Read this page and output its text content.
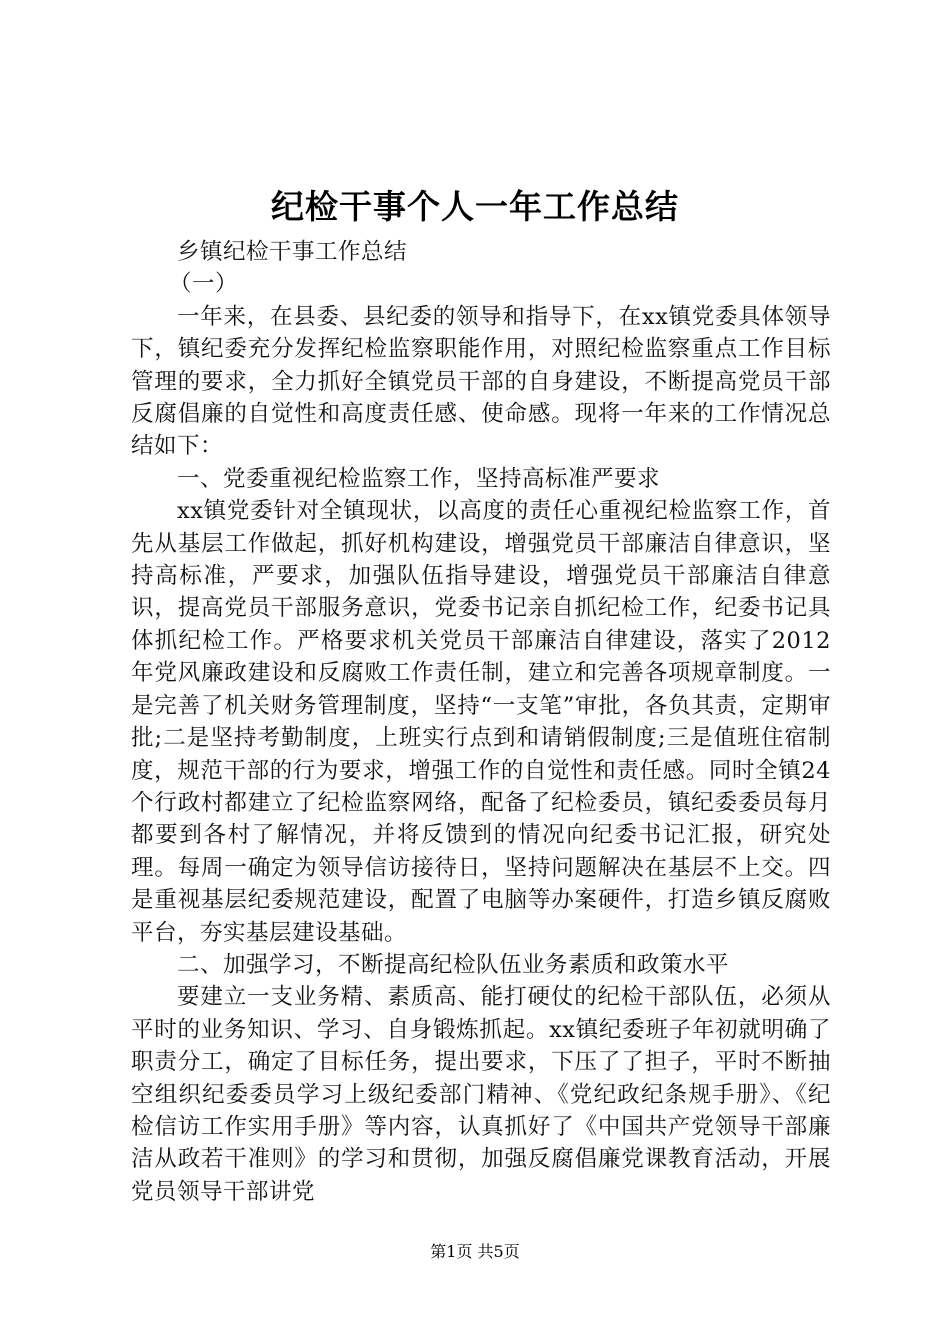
纪检干事个人一年工作总结

乡镇纪检干事工作总结

（一）

一年来，在县委、县纪委的领导和指导下，在xx镇党委具体领导下，镇纪委充分发挥纪检监察职能作用，对照纪检监察重点工作目标管理的要求，全力抓好全镇党员干部的自身建设，不断提高党员干部反腐倡廉的自觉性和高度责任感、使命感。现将一年来的工作情况总结如下：

一、党委重视纪检监察工作，坚持高标准严要求

xx镇党委针对全镇现状，以高度的责任心重视纪检监察工作，首先从基层工作做起，抓好机构建设，增强党员干部廉洁自律意识，坚持高标准，严要求，加强队伍指导建设，增强党员干部廉洁自律意识，提高党员干部服务意识，党委书记亲自抓纪检工作，纪委书记具体抓纪检工作。严格要求机关党员干部廉洁自律建设，落实了2012年党风廉政建设和反腐败工作责任制，建立和完善各项规章制度。一是完善了机关财务管理制度，坚持“一支笔”审批，各负其责，定期审批;二是坚持考勤制度，上班实行点到和请销假制度;三是值班住宿制度，规范干部的行为要求，增强工作的自觉性和责任感。同时全镇24个行政村都建立了纪检监察网络，配备了纪检委员，镇纪委委员每月都要到各村了解情况，并将反馈到的情况向纪委书记汇报，研究处理。每周一确定为领导信访接待日，坚持问题解决在基层不上交。四是重视基层纪委规范建设，配置了电脑等办案硬件，打造乡镇反腐败平台，夯实基层建设基础。

二、加强学习，不断提高纪检队伍业务素质和政策水平

要建立一支业务精、素质高、能打硬仗的纪检干部队伍，必须从平时的业务知识、学习、自身锻炼抓起。xx镇纪委班子年初就明确了职责分工，确定了目标任务，提出要求，下压了了担子，平时不断抽空组织纪委委员学习上级纪委部门精神、《党纪政纪条规手册》、《纪检信访工作实用手册》等内容，认真抓好了《中国共产党领导干部廉洁从政若干准则》的学习和贯彻，加强反腐倡廉党课教育活动，开展党员领导干部讲党

第1页 共5页
